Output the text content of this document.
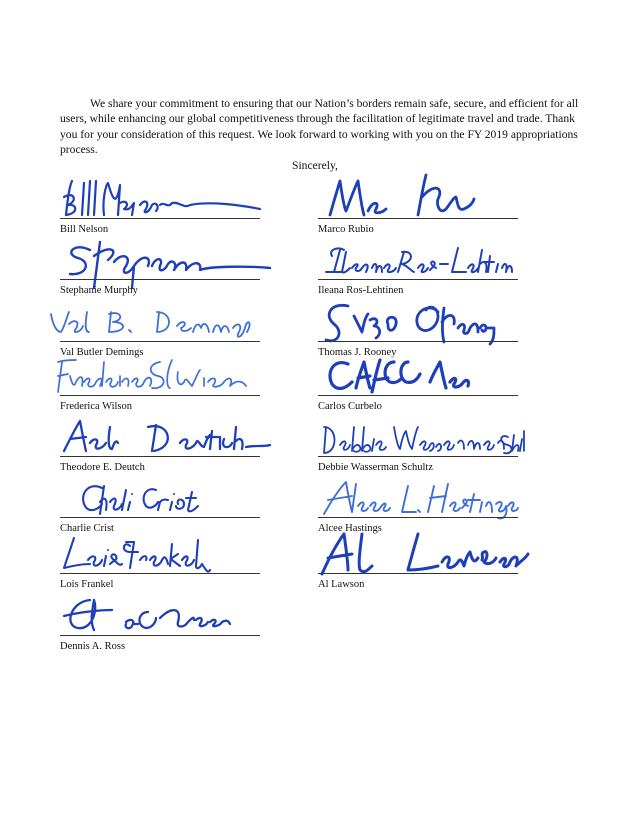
We share your commitment to ensuring that our Nation’s borders remain safe, secure, and efficient for all users, while enhancing our global competitiveness through the facilitation of legitimate travel and trade. Thank you for your consideration of this request. We look forward to working with you on the FY 2019 appropriations process.

Sincerely,
Bill Nelson
Stephanie Murphy
Val Butler Demings
Frederica Wilson
Theodore E. Deutch
Charlie Crist
Lois Frankel
Dennis A. Ross
Marco Rubio
Ileana Ros-Lehtinen
Thomas J. Rooney
Carlos Curbelo
Debbie Wasserman Schultz
Alcee Hastings
Al Lawson
